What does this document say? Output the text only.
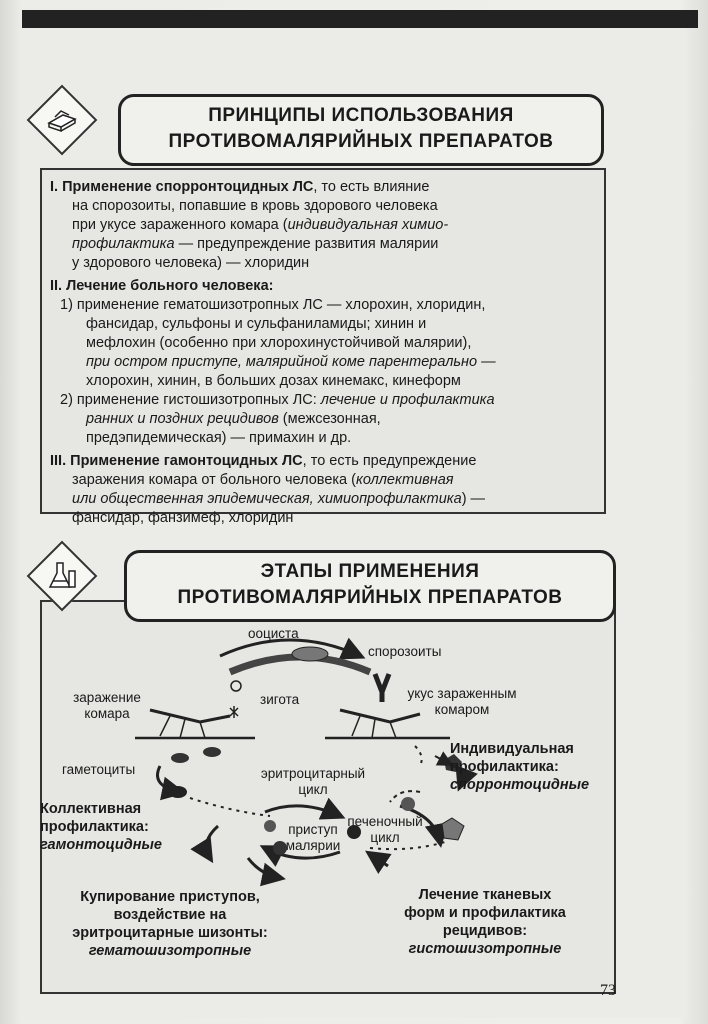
ПРИНЦИПЫ ИСПОЛЬЗОВАНИЯ
ПРОТИВОМАЛЯРИЙНЫХ ПРЕПАРАТОВ

I. Применение спорронтоцидных ЛС, то есть влияние

на спорозоиты, попавшие в кровь здорового человека

при укусе зараженного комара (индивидуальная химио-

профилактика — предупреждение развития малярии

у здорового человека) — хлоридин

II. Лечение больного человека:

1) применение гематошизотропных ЛС — хлорохин, хлоридин,

фансидар, сульфоны и сульфаниламиды; хинин и

мефлохин (особенно при хлорохинустойчивой малярии),

при остром приступе, малярийной коме парентерально —

хлорохин, хинин, в больших дозах кинемакс, кинеформ

2) применение гистошизотропных ЛС: лечение и профилактика

ранних и поздних рецидивов (межсезонная,

предэпидемическая) — примахин и др.

III. Применение гамонтоцидных ЛС, то есть предупреждение

заражения комара от больного человека (коллективная

или общественная эпидемическая, химиопрофилактика) —

фансидар, фанзимеф, хлоридин

ЭТАПЫ ПРИМЕНЕНИЯ
ПРОТИВОМАЛЯРИЙНЫХ ПРЕПАРАТОВ
ооциста
спорозоиты
заражение
комара
зигота	укус зараженным
комаром
гаметоциты	эритроцитарный
цикл
приступ
малярии
печеночный
цикл
Индивидуальная
профилактика:
спорронтоцидные
Коллективная
профилактика:
гамонтоцидные
Купирование приступов,
воздействие на
эритроцитарные шизонты:
гематошизотропные
Лечение тканевых
форм и профилактика
рецидивов:
гистошизотропные
73
